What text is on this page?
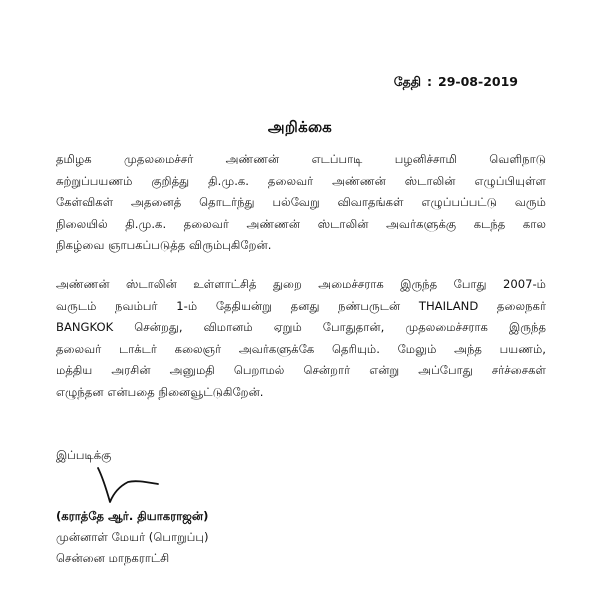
தேதி : 29-08-2019
அறிக்கை
தமிழக முதலமைச்சர் அண்ணன் எடப்பாடி பழனிச்சாமி வெளிநாடு
சுற்றுப்பயணம் குறித்து தி.மு.க. தலைவர் அண்ணன் ஸ்டாலின் எழுப்பியுள்ள
கேள்விகள் அதனைத் தொடர்ந்து பல்வேறு விவாதங்கள் எழுப்பப்பட்டு வரும்
நிலையில் தி.மு.க. தலைவர் அண்ணன் ஸ்டாலின் அவர்களுக்கு கடந்த கால
நிகழ்வை ஞாபகப்படுத்த விரும்புகிறேன்.
அண்ணன் ஸ்டாலின் உள்ளாட்சித் துறை அமைச்சராக இருந்த போது 2007-ம்
வருடம் நவம்பர் 1-ம் தேதியன்று தனது நண்பருடன் THAILAND தலைநகர்
BANGKOK சென்றது, விமானம் ஏறும் போதுதான், முதலமைச்சராக இருந்த
தலைவர் டாக்டர் கலைஞர் அவர்களுக்கே தெரியும். மேலும் அந்த பயணம்,
மத்திய அரசின் அனுமதி பெறாமல் சென்றார் என்று அப்போது சர்ச்சைகள்
எழுந்தன என்பதை நினைவூட்டுகிறேன்.
இப்படிக்கு
(கராத்தே ஆர். தியாகராஜன்)
முன்னாள் மேயர் (பொறுப்பு)
சென்னை மாநகராட்சி
